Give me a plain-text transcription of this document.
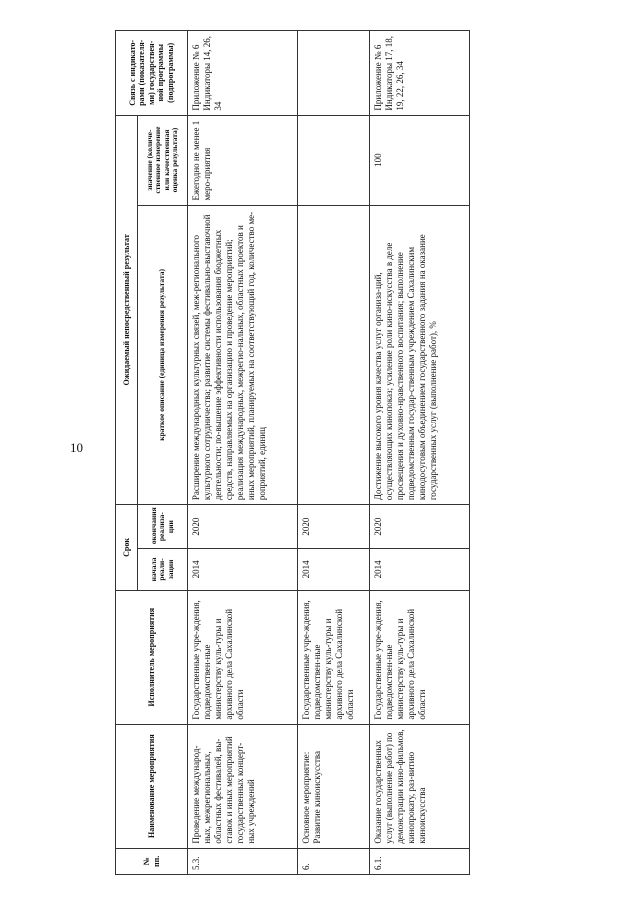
10
№ пп.	Наименование мероприятия	Исполнитель мероприятия	Срок		Ожидаемый непосредственный результат		Связь с индикато-рами (показателя-ми) государствен-ной программы (подпрограммы)
			начала реали-зации	окончания реализа-ции	краткое описание (единица измерения результата)	значение (количе-ственное измерение или качественная оценка результата)	
5.3.	Проведение международ-ных, межрегиональных, областных фестивалей, вы-ставок и иных мероприятий государственных концерт-ных учреждений	Государственные учре-ждения, подведомствен-ные министерству куль-туры и архивного дела Сахалинской области	2014	2020	Расширение международных культурных связей, меж-регионального культурного сотрудничества; развитие системы фестивально-выставочной деятельности; по-вышение эффективности использования бюджетных средств, направляемых на организацию и проведение мероприятий; реализация международных, межрегио-нальных, областных проектов и иных мероприятий, планируемых на соответствующий год, количество ме-роприятий, единиц	Ежегодно не менее 1 меро-приятия	Приложение № 6 Индикаторы 14, 26, 34
6.	Основное мероприятие: Развитие киноискусства	Государственные учре-ждения, подведомствен-ные министерству куль-туры и архивного дела Сахалинской области	2014	2020			
6.1.	Оказание государственных услуг (выполнение работ) по демонстрации кино-фильмов, кинопрокату, раз-витию киноискусства	Государственные учре-ждения, подведомствен-ные министерству куль-туры и архивного дела Сахалинской области	2014	2020	Достижение высокого уровня качества услуг организа-ций, осуществляющих кинопоказ; усиление роли кино-искусства в деле просвещения и духовно-нравственного воспитания; выполнение подведомственным государ-ственным учреждением Сахалинским кинодосуговым объединением государственного задания на оказание государственных услуг (выполнение работ), %	100	Приложение № 6 Индикаторы 17, 18, 19, 22, 26, 34
